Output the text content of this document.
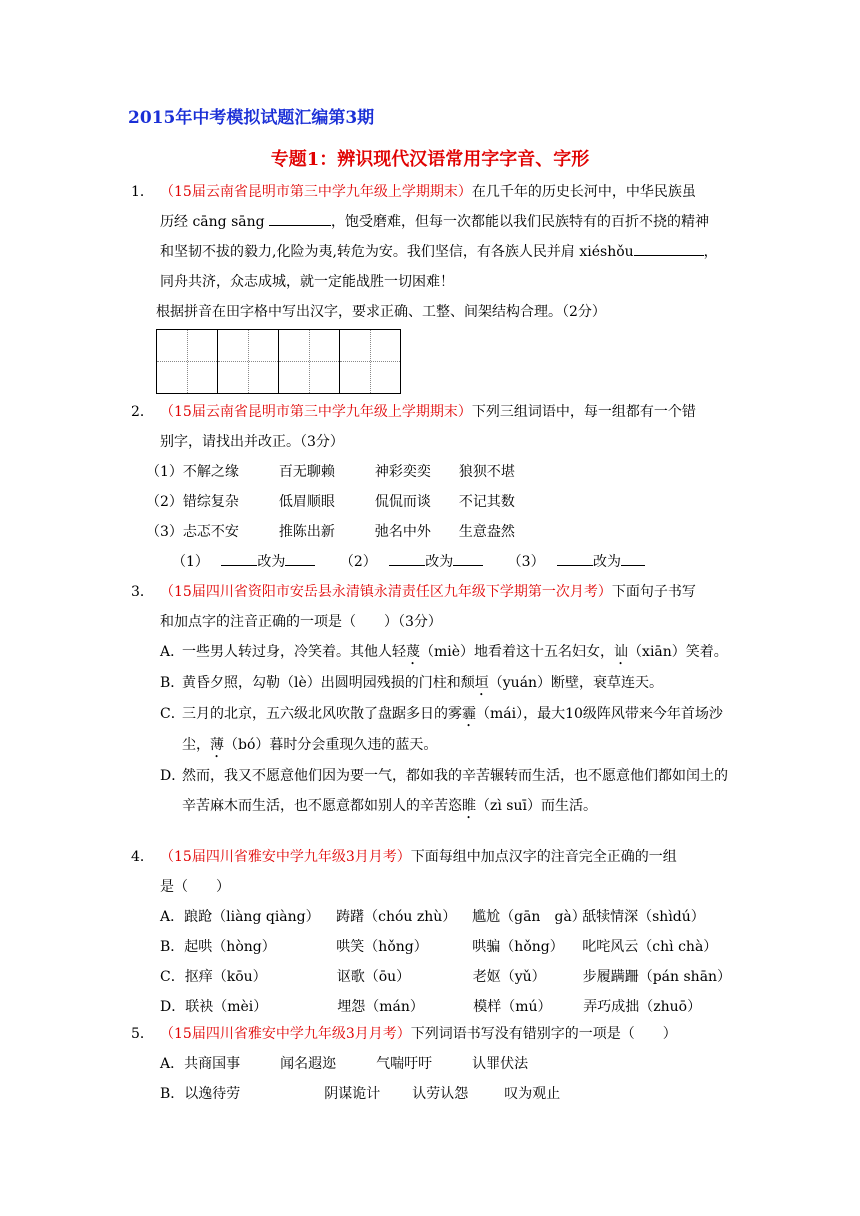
2015年中考模拟试题汇编第3期
专题1：辨识现代汉语常用字字音、字形
1． （15届云南省昆明市第三中学九年级上学期期末）在几千年的历史长河中，中华民族虽
历经 cāng sāng	，饱受磨难，但每一次都能以我们民族特有的百折不挠的精神
和坚韧不拔的毅力,化险为夷,转危为安。我们坚信，有各族人民并肩 xiéshǒu	，
同舟共济，众志成城，就一定能战胜一切困难！
根据拼音在田字格中写出汉字，要求正确、工整、间架结构合理。（2分）

2． （15届云南省昆明市第三中学九年级上学期期末）下列三组词语中，每一组都有一个错
别字，请找出并改正。（3分）
（1）不解之缘	百无聊赖	神彩奕奕 狼狈不堪
（2）错综复杂	低眉顺眼	侃侃而谈 不记其数
（3）忐忑不安	推陈出新	弛名中外 生意盎然
（1）	改为	（2）	改为	（3）	改为
3． （15届四川省资阳市安岳县永清镇永清责任区九年级下学期第一次月考）下面句子书写
和加点字的注音正确的一项是（　　）（3分）
A．
一些男人转过身，冷笑着。其他人轻蔑（miè）地看着这十五名妇女，讪（xiān）笑着。
B．
黄昏夕照，勾勒（lè）出圆明园残损的门柱和颓垣（yuán）断壁，衰草连天。
C．
三月的北京，五六级北风吹散了盘踞多日的雾霾（mái），最大10级阵风带来今年首场沙尘，薄（bó）暮时分会重现久违的蓝天。
D．
然而，我又不愿意他们因为要一气，都如我的辛苦辗转而生活，也不愿意他们都如闰土的辛苦麻木而生活，也不愿意都如别人的辛苦恣睢（zì suī）而生活。
4． （15届四川省雅安中学九年级3月月考）下面每组中加点汉字的注音完全正确的一组
是（　　）
A．踉跄（liàng qiàng） 踌躇（chóu zhù） 尴尬（gān　gà）舐犊情深（shìdú）
B．起哄（hòng）	哄笑（hǒng）	哄骗（hǒng） 叱咤风云（chì chà）
C．抠痒（kōu）	讴歌（ōu）	老妪（yǔ）	步履蹒跚（pán shān）
D．联袂（mèi）	埋怨（mán）	模样（mú） 弄巧成拙（zhuō）
5． （15届四川省雅安中学九年级3月月考）下列词语书写没有错别字的一项是（　　）
A．共商国事	闻名遐迩	气喘吁吁	认罪伏法
B．以逸待劳	阴谋诡计 认劳认怨	叹为观止
